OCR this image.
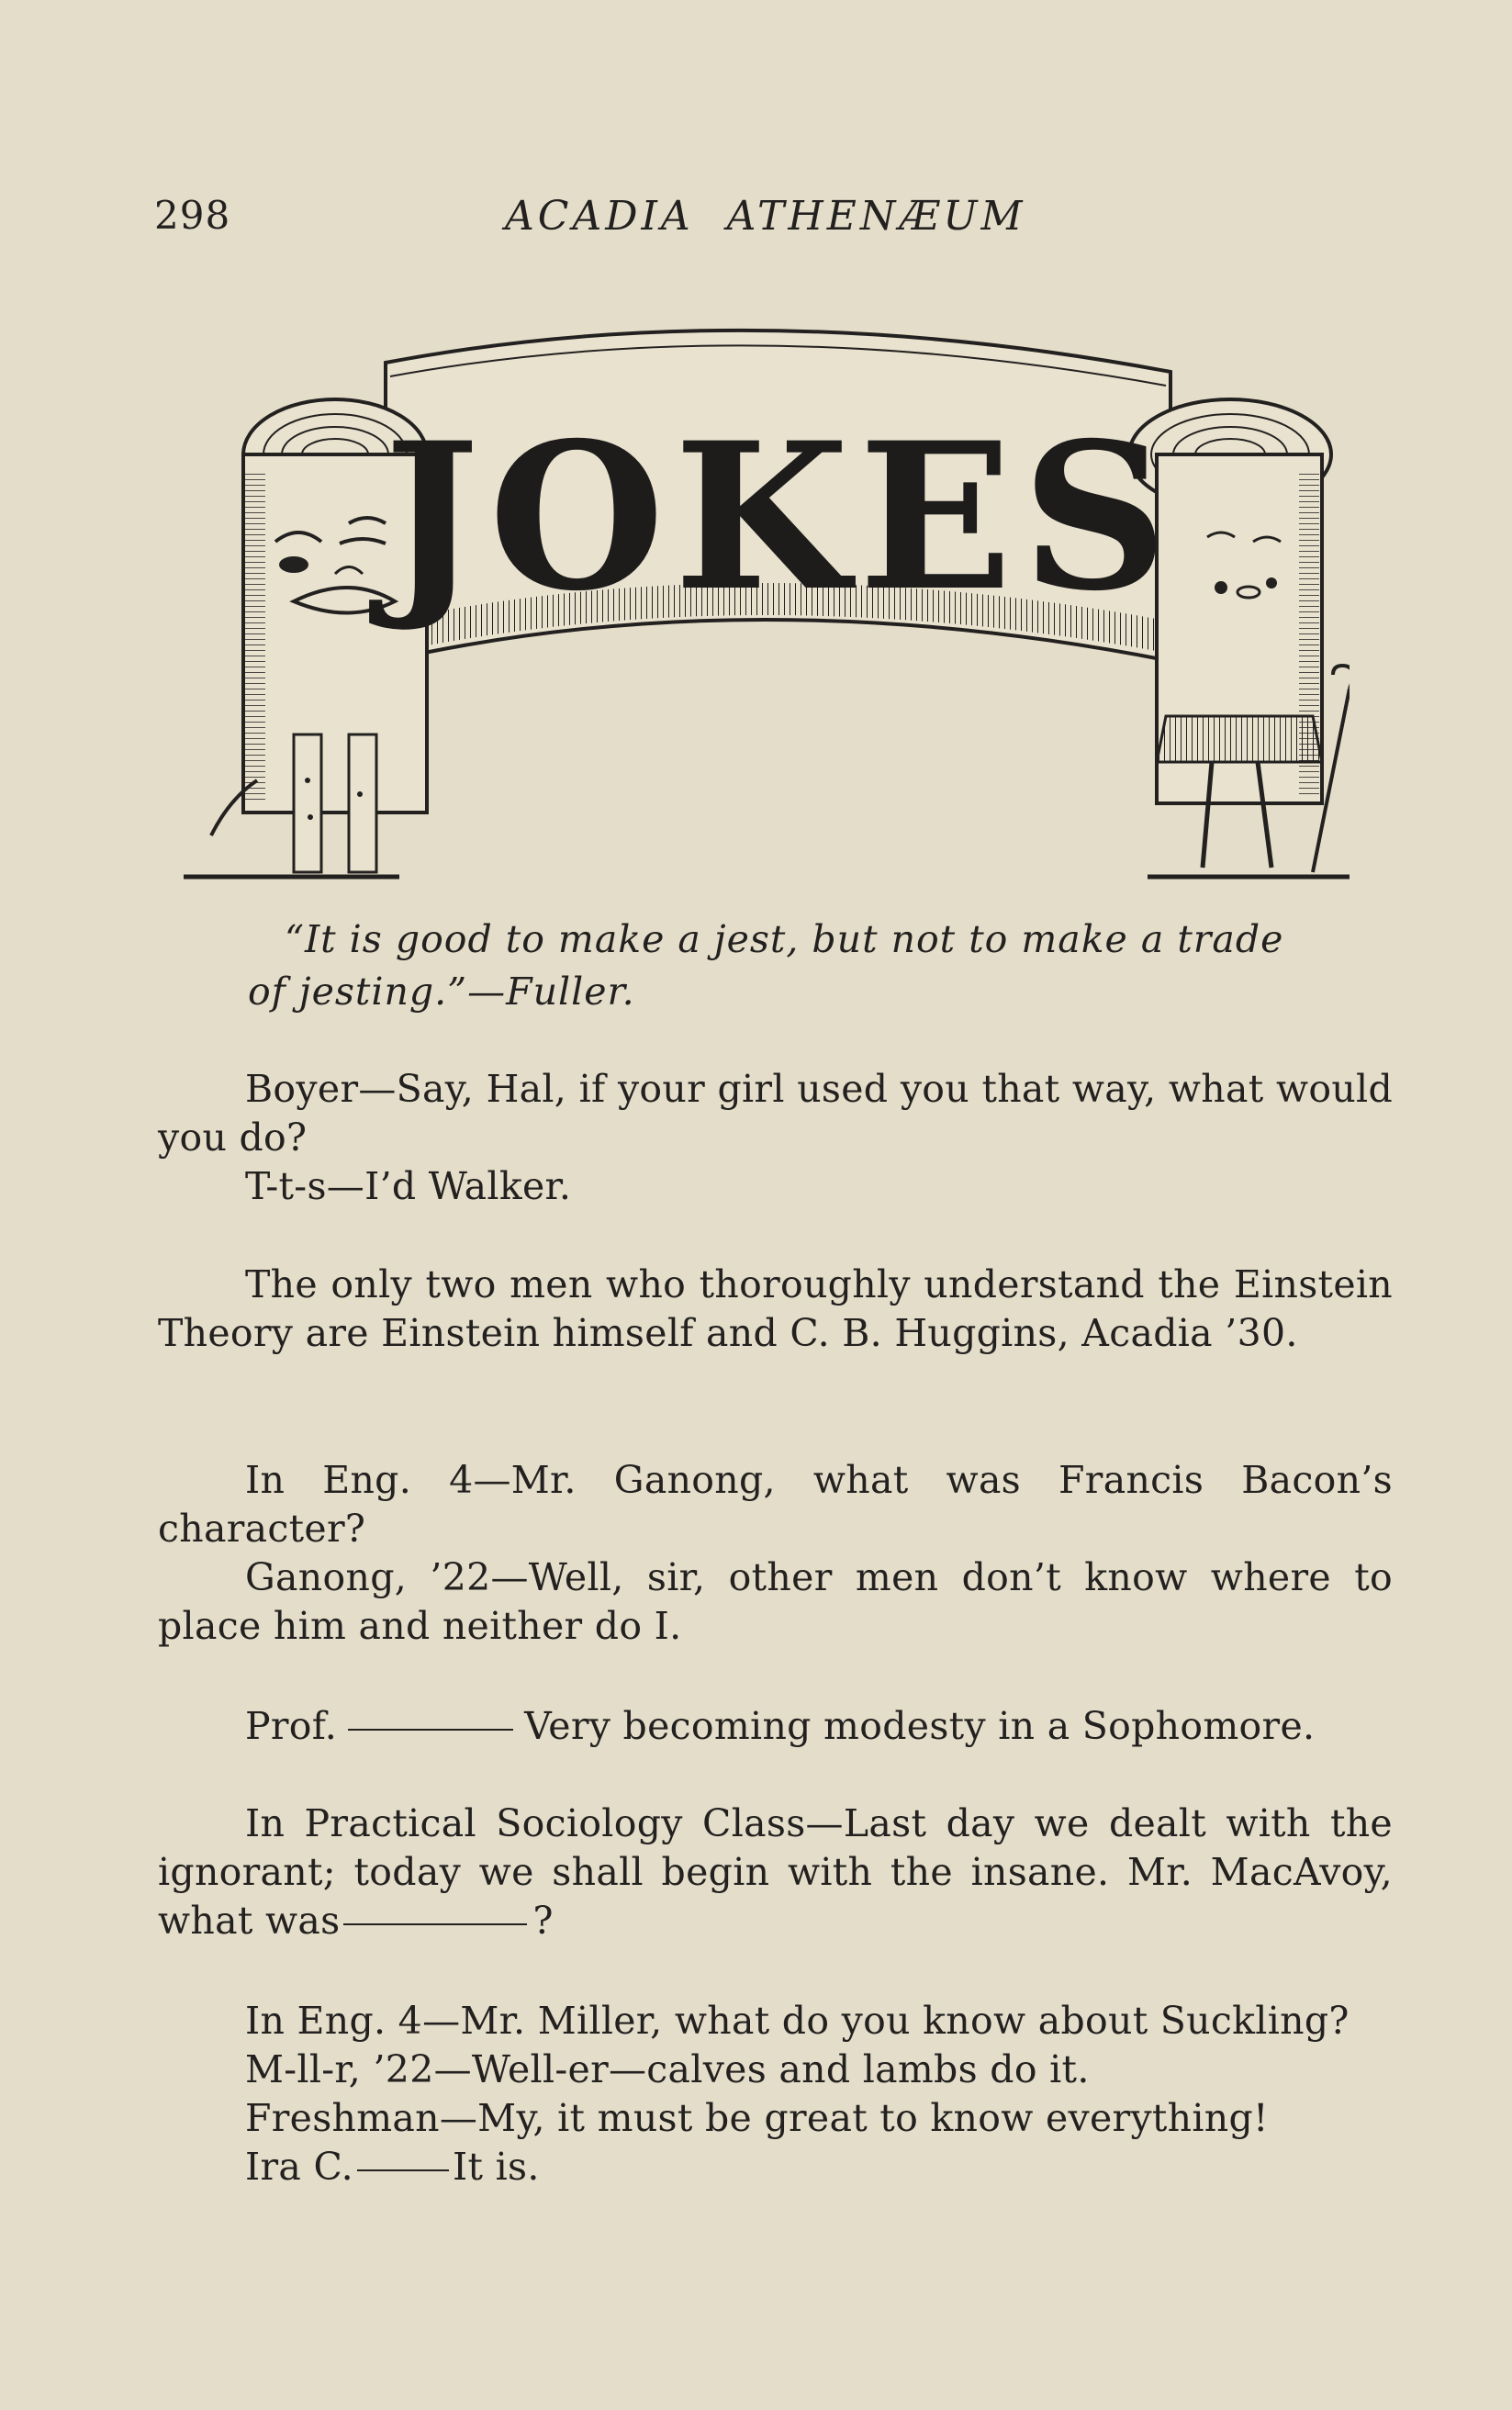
298	ACADIA ATHENÆUM
JOKES
“It is good to make a jest, but not to make a trade
of jesting.”—Fuller.

Boyer—Say, Hal, if your girl used you that way, what would you do?

T-t-s—I’d Walker.

The only two men who thoroughly understand the Einstein Theory are Einstein himself and C. B. Huggins, Acadia ’30.

In Eng. 4—Mr. Ganong, what was Francis Bacon’s character?

Ganong, ’22—Well, sir, other men don’t know where to place him and neither do I.

Prof.	Very becoming modesty in a Sophomore.

In Practical Sociology Class—Last day we dealt with the ignorant; today we shall begin with the insane. Mr. MacAvoy, what was	?

In Eng. 4—Mr. Miller, what do you know about Suckling?

M-ll-r, ’22—Well-er—calves and lambs do it.

Freshman—My, it must be great to know everything!

Ira C.	It is.
